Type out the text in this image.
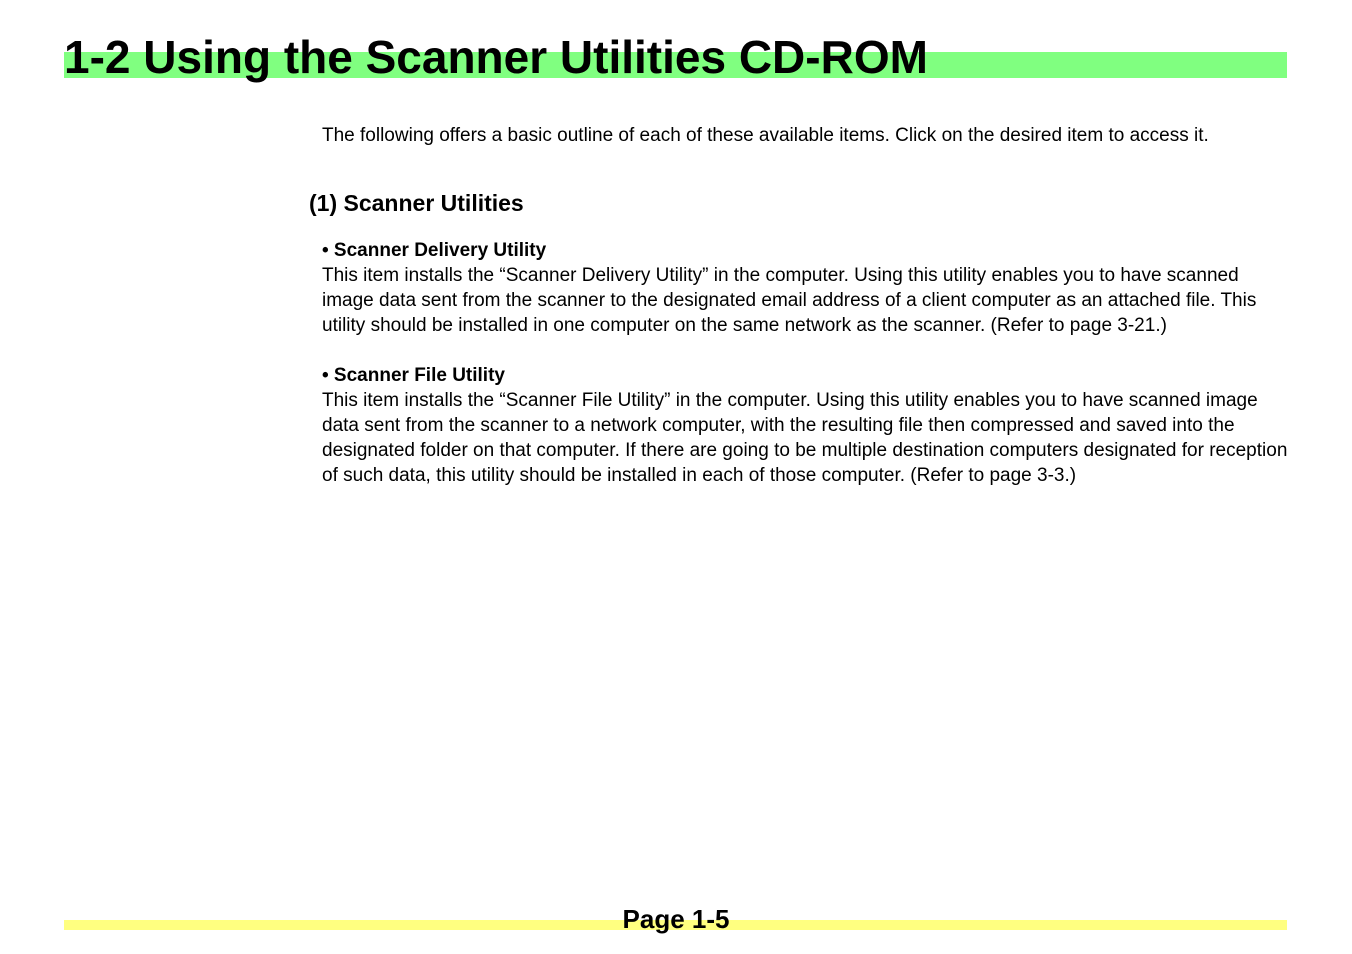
1-2 Using the Scanner Utilities CD-ROM

The following offers a basic outline of each of these available items. Click on the desired item to access it.

(1) Scanner Utilities
• Scanner Delivery Utility

This item installs the “Scanner Delivery Utility” in the computer. Using this utility enables you to have scanned image data sent from the scanner to the designated email address of a client computer as an attached file. This utility should be installed in one computer on the same network as the scanner. (Refer to page 3-21.)

• Scanner File Utility

This item installs the “Scanner File Utility” in the computer. Using this utility enables you to have scanned image data sent from the scanner to a network computer, with the resulting file then compressed and saved into the designated folder on that computer. If there are going to be multiple destination computers designated for reception of such data, this utility should be installed in each of those computer. (Refer to page 3-3.)

Page 1-5
